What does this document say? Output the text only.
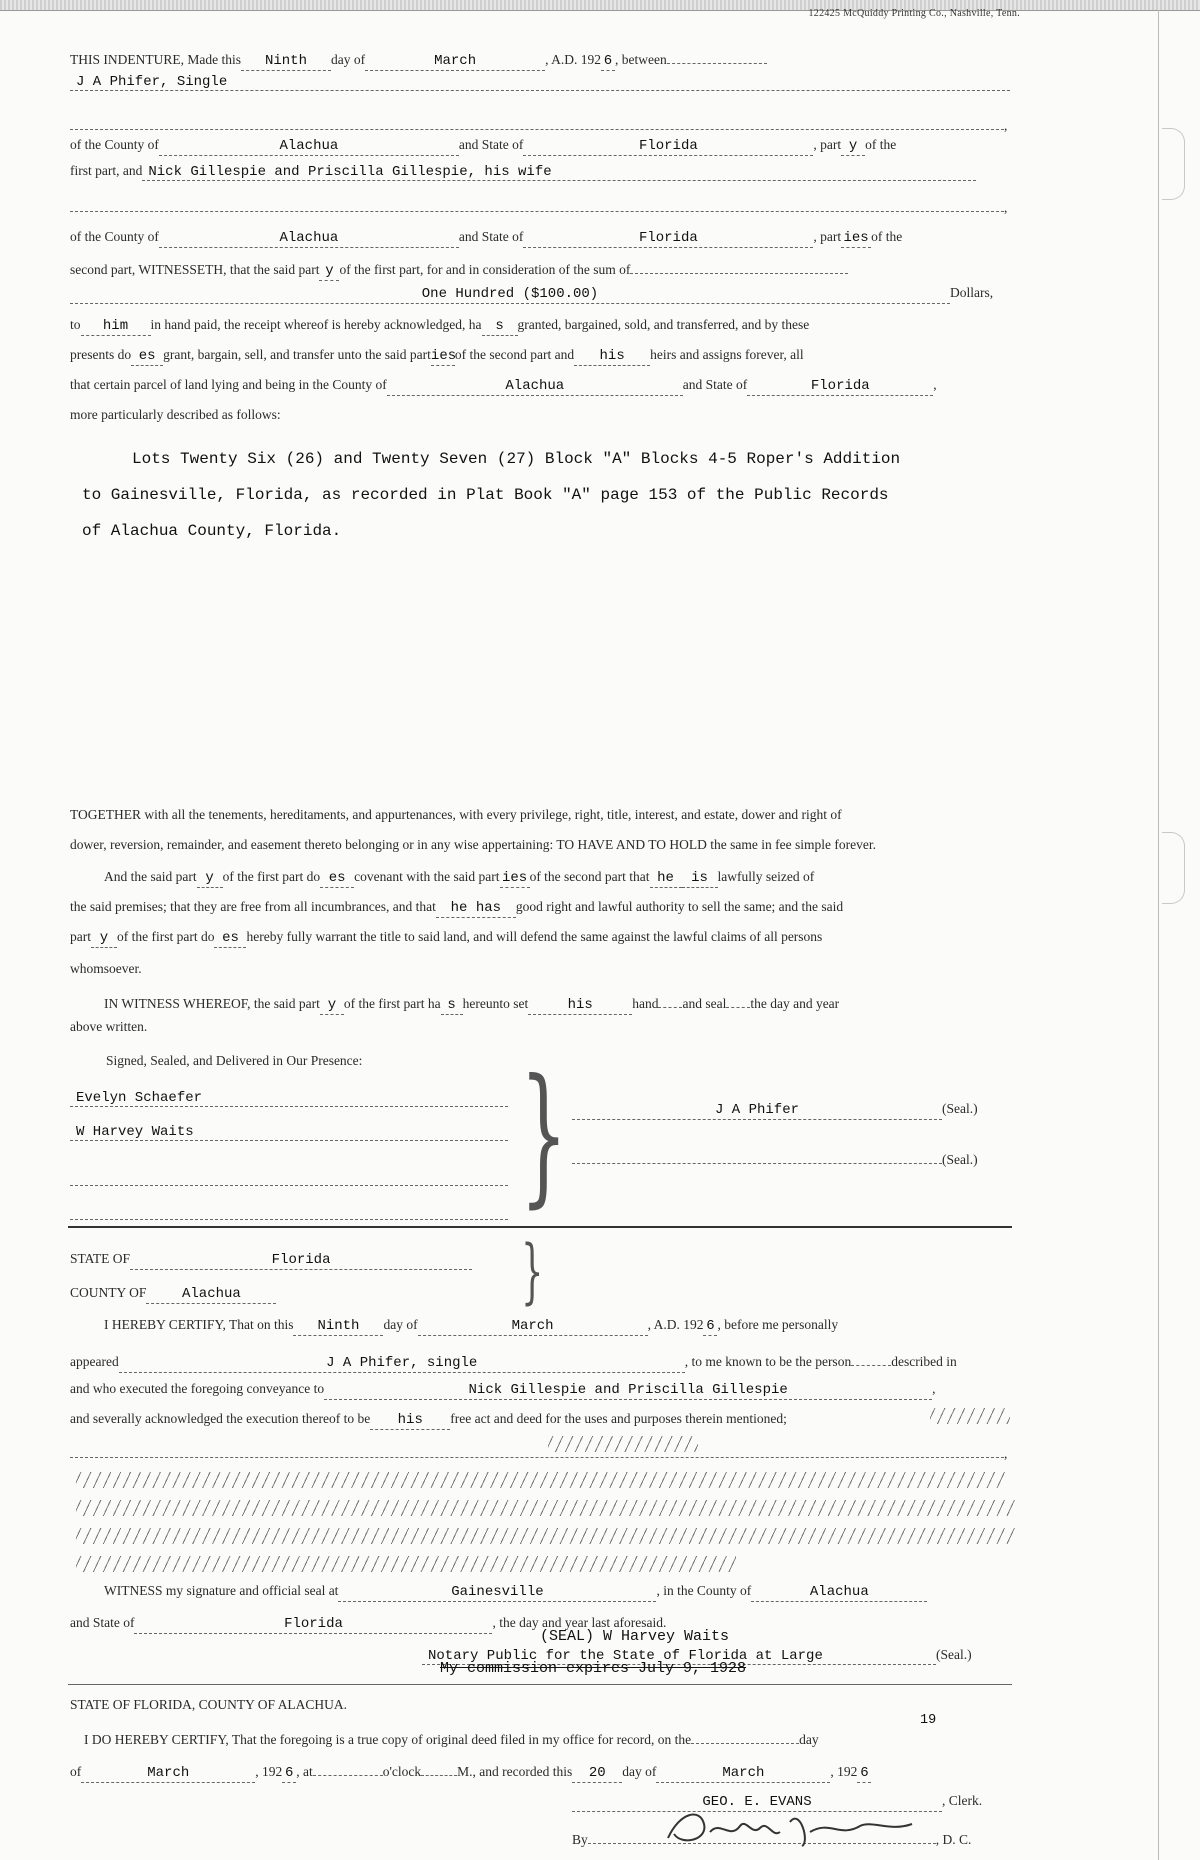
122425 McQuiddy Printing Co., Nashville, Tenn.
THIS INDENTURE, Made this Ninth day of	March	, A.D. 192 6 , between
J A Phifer, Single
,
of the County of	Alachua	and State of	Florida	, part y of the
first part, and Nick Gillespie and Priscilla Gillespie, his wife
,
of the County of	Alachua	and State of	Florida	, part ies of the
second part, WITNESSETH, that the said part y of the first part, for and in consideration of the sum of
One Hundred ($100.00)	Dollars,
to him in hand paid, the receipt whereof is hereby acknowledged, ha s granted, bargained, sold, and transferred, and by these
presents do es grant, bargain, sell, and transfer unto the said partiesof the second part and his heirs and assigns forever, all
that certain parcel of land lying and being in the County of	Alachua	and State of	Florida	,
more particularly described as follows:
Lots Twenty Six (26) and Twenty Seven (27) Block "A" Blocks 4-5 Roper's Addition
to Gainesville, Florida, as recorded in Plat Book "A" page 153 of the Public Records
of Alachua County, Florida.
TOGETHER with all the tenements, hereditaments, and appurtenances, with every privilege, right, title, interest, and estate, dower and right of
dower, reversion, remainder, and easement thereto belonging or in any wise appertaining: TO HAVE AND TO HOLD the same in fee simple forever.
And the said part y of the first part do es covenant with the said part ies of the second part that he is lawfully seized of
the said premises; that they are free from all incumbrances, and that he has good right and lawful authority to sell the same; and the said
part y of the first part do es hereby fully warrant the title to said land, and will defend the same against the lawful claims of all persons
whomsoever.
IN WITNESS WHEREOF, the said part y of the first part ha s hereunto set	his	hand and seal the day and year
above written.
Signed, Sealed, and Delivered in Our Presence:
Evelyn Schaefer
W Harvey Waits	}	J A Phifer	(Seal.)
(Seal.)
STATE OF	Florida
COUNTY OF	Alachua	}
I HEREBY CERTIFY, That on this Ninth day of	March	, A.D. 192 6 , before me personally
appeared	J A Phifer, single	, to me known to be the person	described in
and who executed the foregoing conveyance to	Nick Gillespie and Priscilla Gillespie	,
and severally acknowledged the execution thereof to be his free act and deed for the uses and purposes therein mentioned;
,
WITNESS my signature and official seal at	Gainesville	, in the County of	Alachua
and State of	Florida	, the day and year last aforesaid.
(SEAL) W Harvey Waits
Notary Public for the State of Florida at Large	(Seal.)
My commission expires July 9, 1928
STATE OF FLORIDA, COUNTY OF ALACHUA.
19
I DO HEREBY CERTIFY, That the foregoing is a true copy of original deed filed in my office for record, on the	day
of	March	, 192 6 , at	o'clock	M., and recorded this 20 day of	March	, 192 6
GEO. E. EVANS	, Clerk.
By	, D. C.
